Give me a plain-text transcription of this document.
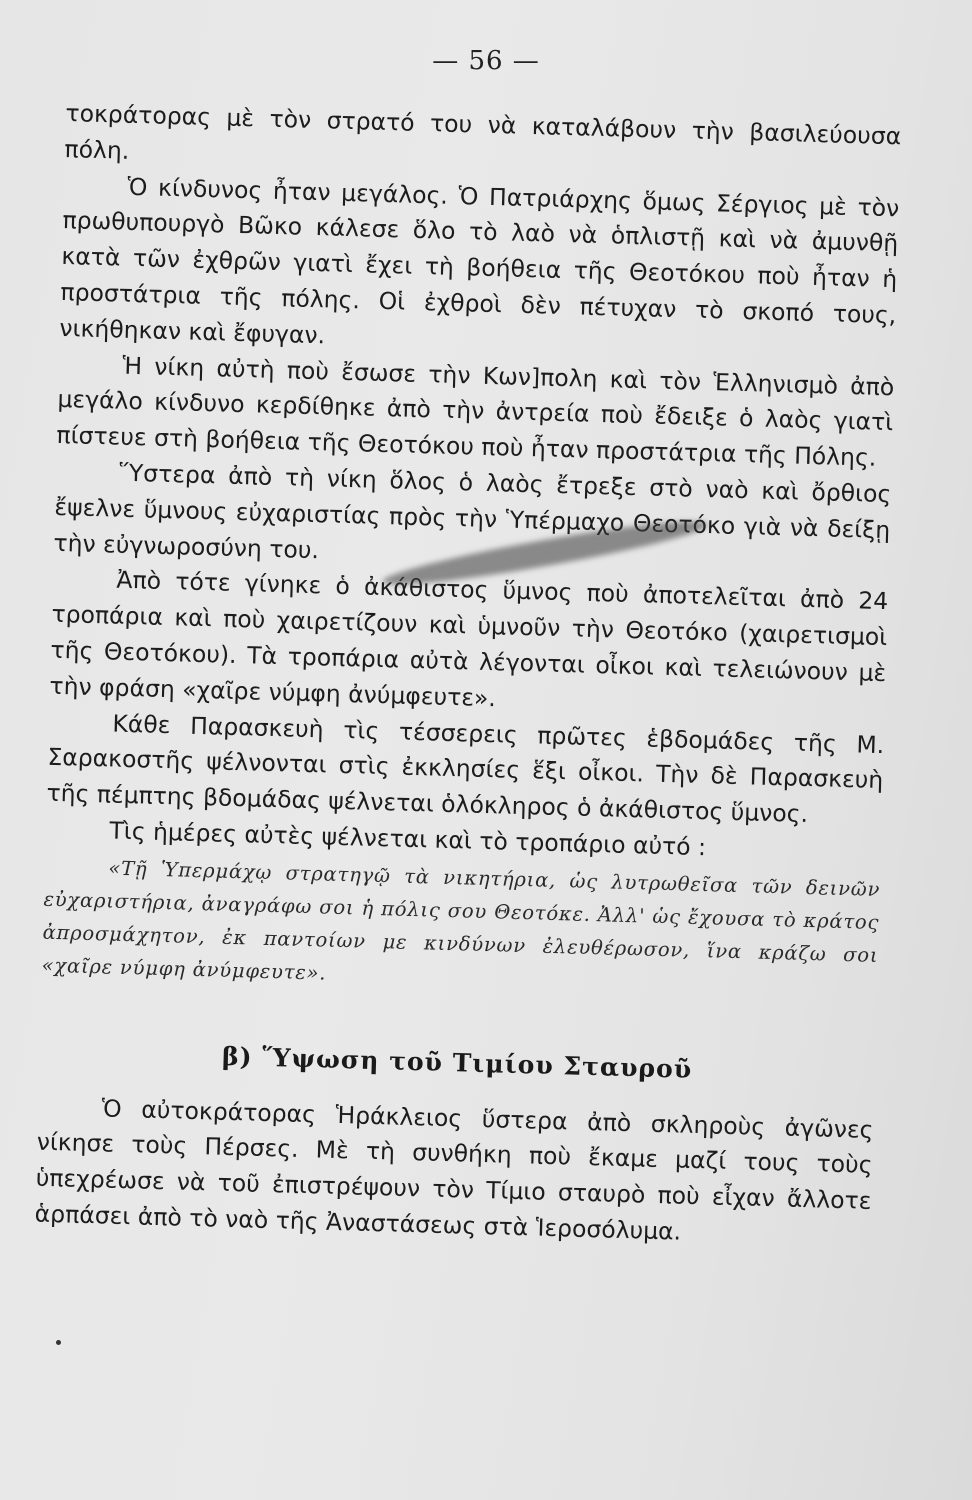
— 56 —

τοκράτορας μὲ τὸν στρατό του νὰ καταλάβουν τὴν βασιλεύουσα πόλη.

Ὁ κίνδυνος ἦταν μεγάλος. Ὁ Πατριάρχης ὅμως Σέργιος μὲ τὸν πρωθυπουργὸ Βῶκο κάλεσε ὅλο τὸ λαὸ νὰ ὁπλιστῇ καὶ νὰ ἀμυνθῇ κατὰ τῶν ἐχθρῶν γιατὶ ἔχει τὴ βοήθεια τῆς Θεοτόκου ποὺ ἦταν ἡ προστάτρια τῆς πόλης. Οἱ ἐχθροὶ δὲν πέτυχαν τὸ σκοπό τους, νικήθηκαν καὶ ἔφυγαν.

Ἡ νίκη αὐτὴ ποὺ ἔσωσε τὴν Κων]πολη καὶ τὸν Ἑλληνισμὸ ἀπὸ μεγάλο κίνδυνο κερδίθηκε ἀπὸ τὴν ἀντρεία ποὺ ἔδειξε ὁ λαὸς γιατὶ πίστευε στὴ βοήθεια τῆς Θεοτόκου ποὺ ἦταν προστάτρια τῆς Πόλης.

Ὕστερα ἀπὸ τὴ νίκη ὅλος ὁ λαὸς ἔτρεξε στὸ ναὸ καὶ ὄρθιος ἔψελνε ὕμνους εὐχαριστίας πρὸς τὴν Ὑπέρμαχο Θεοτόκο γιὰ νὰ δείξῃ τὴν εὐγνωροσύνη του.

Ἀπὸ τότε γίνηκε ὁ ἀκάθιστος ὕμνος ποὺ ἀποτελεῖται ἀπὸ 24 τροπάρια καὶ ποὺ χαιρετίζουν καὶ ὑμνοῦν τὴν Θεοτόκο (χαιρετισμοὶ τῆς Θεοτόκου). Τὰ τροπάρια αὐτὰ λέγονται οἶκοι καὶ τελειώνουν μὲ τὴν φράση «χαῖρε νύμφη ἀνύμφευτε».

Κάθε Παρασκευὴ τὶς τέσσερεις πρῶτες ἑβδομάδες τῆς Μ. Σαρακοστῆς ψέλνονται στὶς ἐκκλησίες ἕξι οἶκοι. Τὴν δὲ Παρασκευὴ τῆς πέμπτης βδομάδας ψέλνεται ὁλόκληρος ὁ ἀκάθιστος ὕμνος.

Τὶς ἡμέρες αὐτὲς ψέλνεται καὶ τὸ τροπάριο αὐτό :

«Τῇ Ὑπερμάχῳ στρατηγῷ τὰ νικητήρια, ὡς λυτρωθεῖσα τῶν δεινῶν εὐχαριστήρια, ἀναγράφω σοι ἡ πόλις σου Θεοτόκε. Ἀλλ' ὡς ἔχουσα τὸ κράτος ἀπροσμάχητον, ἐκ παντοίων με κινδύνων ἐλευθέρωσον, ἵνα κράζω σοι «χαῖρε νύμφη ἀνύμφευτε».

β) Ὕψωση τοῦ Τιμίου Σταυροῦ

Ὁ αὐτοκράτορας Ἡράκλειος ὕστερα ἀπὸ σκληροὺς ἀγῶνες νίκησε τοὺς Πέρσες. Μὲ τὴ συνθήκη ποὺ ἔκαμε μαζί τους τοὺς ὑπεχρέωσε νὰ τοῦ ἐπιστρέψουν τὸν Τίμιο σταυρὸ ποὺ εἶχαν ἄλλοτε ἁρπάσει ἀπὸ τὸ ναὸ τῆς Ἀναστάσεως στὰ Ἱεροσόλυμα.
